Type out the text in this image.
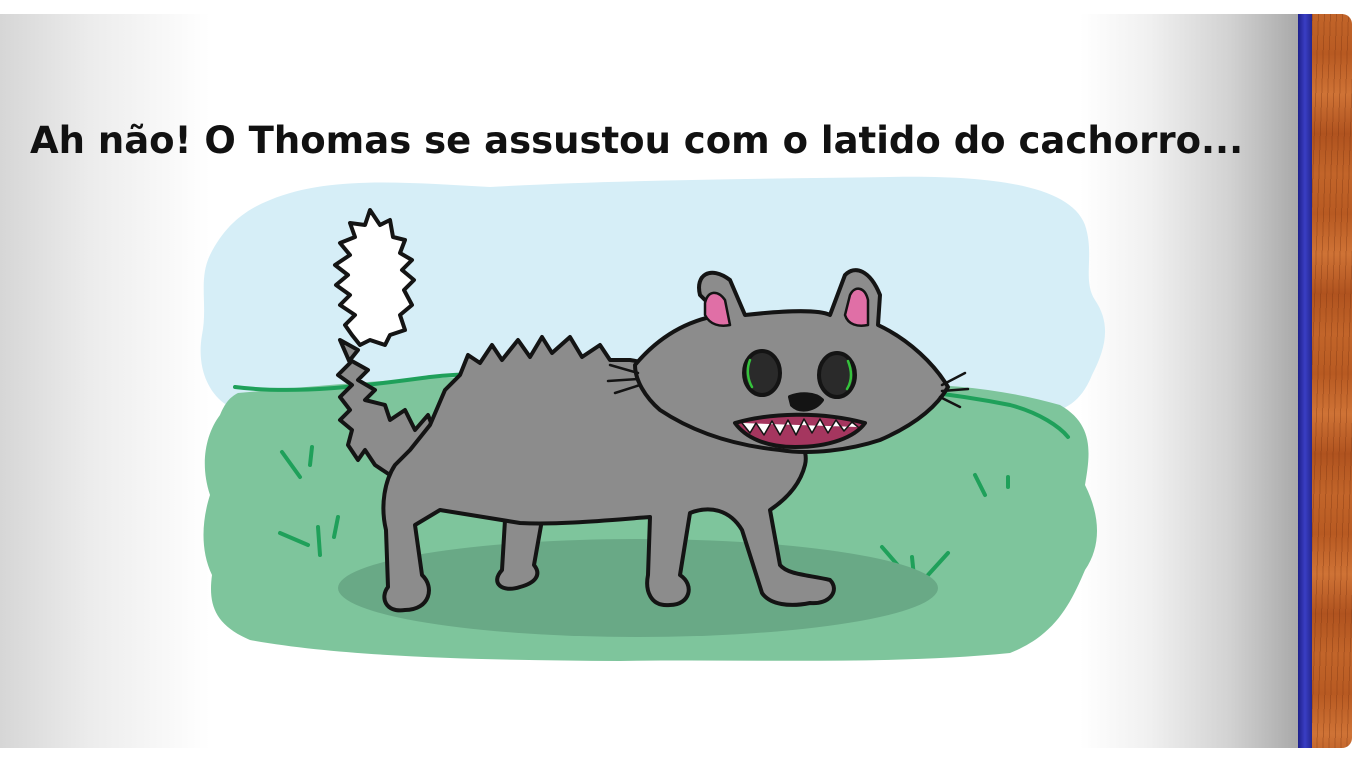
Ah não! O Thomas se assustou com o latido do cachorro...
